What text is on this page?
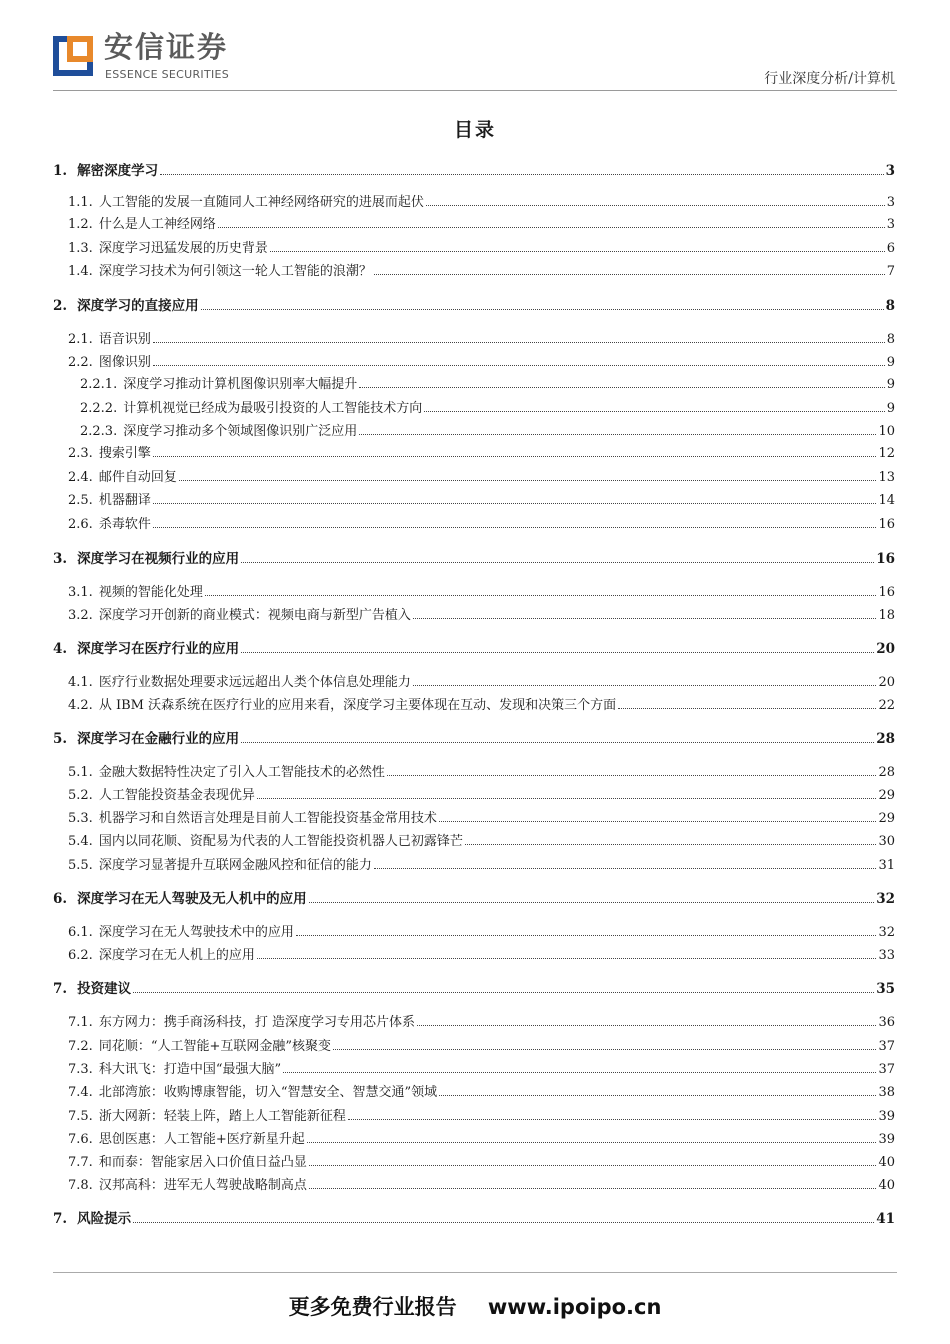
安信证券
ESSENCE SECURITIES	行业深度分析/计算机
目录
1. 解密深度学习	3
1.1. 人工智能的发展一直随同人工神经网络研究的进展而起伏	3
1.2. 什么是人工神经网络	3
1.3. 深度学习迅猛发展的历史背景	6
1.4. 深度学习技术为何引领这一轮人工智能的浪潮？	7
2. 深度学习的直接应用	8
2.1. 语音识别	8
2.2. 图像识别	9
2.2.1. 深度学习推动计算机图像识别率大幅提升	9
2.2.2. 计算机视觉已经成为最吸引投资的人工智能技术方向	9
2.2.3. 深度学习推动多个领域图像识别广泛应用	10
2.3. 搜索引擎	12
2.4. 邮件自动回复	13
2.5. 机器翻译	14
2.6. 杀毒软件	16
3. 深度学习在视频行业的应用	16
3.1. 视频的智能化处理	16
3.2. 深度学习开创新的商业模式：视频电商与新型广告植入	18
4. 深度学习在医疗行业的应用	20
4.1. 医疗行业数据处理要求远远超出人类个体信息处理能力	20
4.2. 从 IBM 沃森系统在医疗行业的应用来看，深度学习主要体现在互动、发现和决策三个方面	22
5. 深度学习在金融行业的应用	28
5.1. 金融大数据特性决定了引入人工智能技术的必然性	28
5.2. 人工智能投资基金表现优异	29
5.3. 机器学习和自然语言处理是目前人工智能投资基金常用技术	29
5.4. 国内以同花顺、资配易为代表的人工智能投资机器人已初露锋芒	30
5.5. 深度学习显著提升互联网金融风控和征信的能力	31
6. 深度学习在无人驾驶及无人机中的应用	32
6.1. 深度学习在无人驾驶技术中的应用	32
6.2. 深度学习在无人机上的应用	33
7. 投资建议	35
7.1. 东方网力：携手商汤科技，打 造深度学习专用芯片体系	36
7.2. 同花顺：“人工智能+互联网金融”核聚变	37
7.3. 科大讯飞：打造中国“最强大脑”	37
7.4. 北部湾旅：收购博康智能，切入“智慧安全、智慧交通”领域	38
7.5. 浙大网新：轻装上阵，踏上人工智能新征程	39
7.6. 思创医惠：人工智能+医疗新星升起	39
7.7. 和而泰：智能家居入口价值日益凸显	40
7.8. 汉邦高科：进军无人驾驶战略制高点	40
7. 风险提示	41
更多免费行业报告 www.ipoipo.cn
